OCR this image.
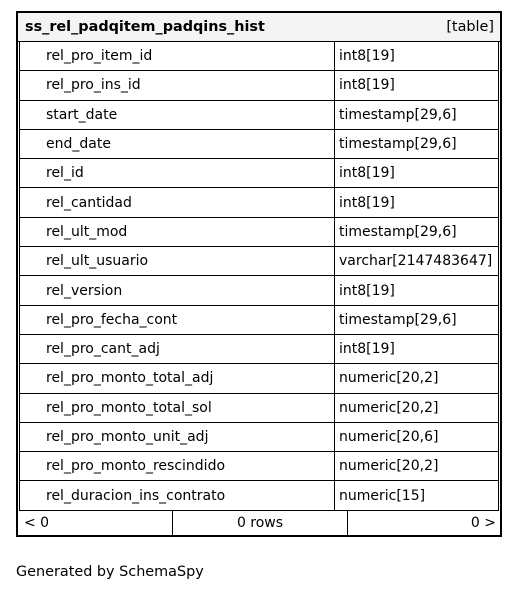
ss_rel_padqitem_padqins_hist	[table]
rel_pro_item_id	int8[19]
rel_pro_ins_id	int8[19]
start_date	timestamp[29,6]
end_date	timestamp[29,6]
rel_id	int8[19]
rel_cantidad	int8[19]
rel_ult_mod	timestamp[29,6]
rel_ult_usuario	varchar[2147483647]
rel_version	int8[19]
rel_pro_fecha_cont	timestamp[29,6]
rel_pro_cant_adj	int8[19]
rel_pro_monto_total_adj	numeric[20,2]
rel_pro_monto_total_sol	numeric[20,2]
rel_pro_monto_unit_adj	numeric[20,6]
rel_pro_monto_rescindido	numeric[20,2]
rel_duracion_ins_contrato	numeric[15]
< 0	0 rows	0 >
Generated by SchemaSpy
